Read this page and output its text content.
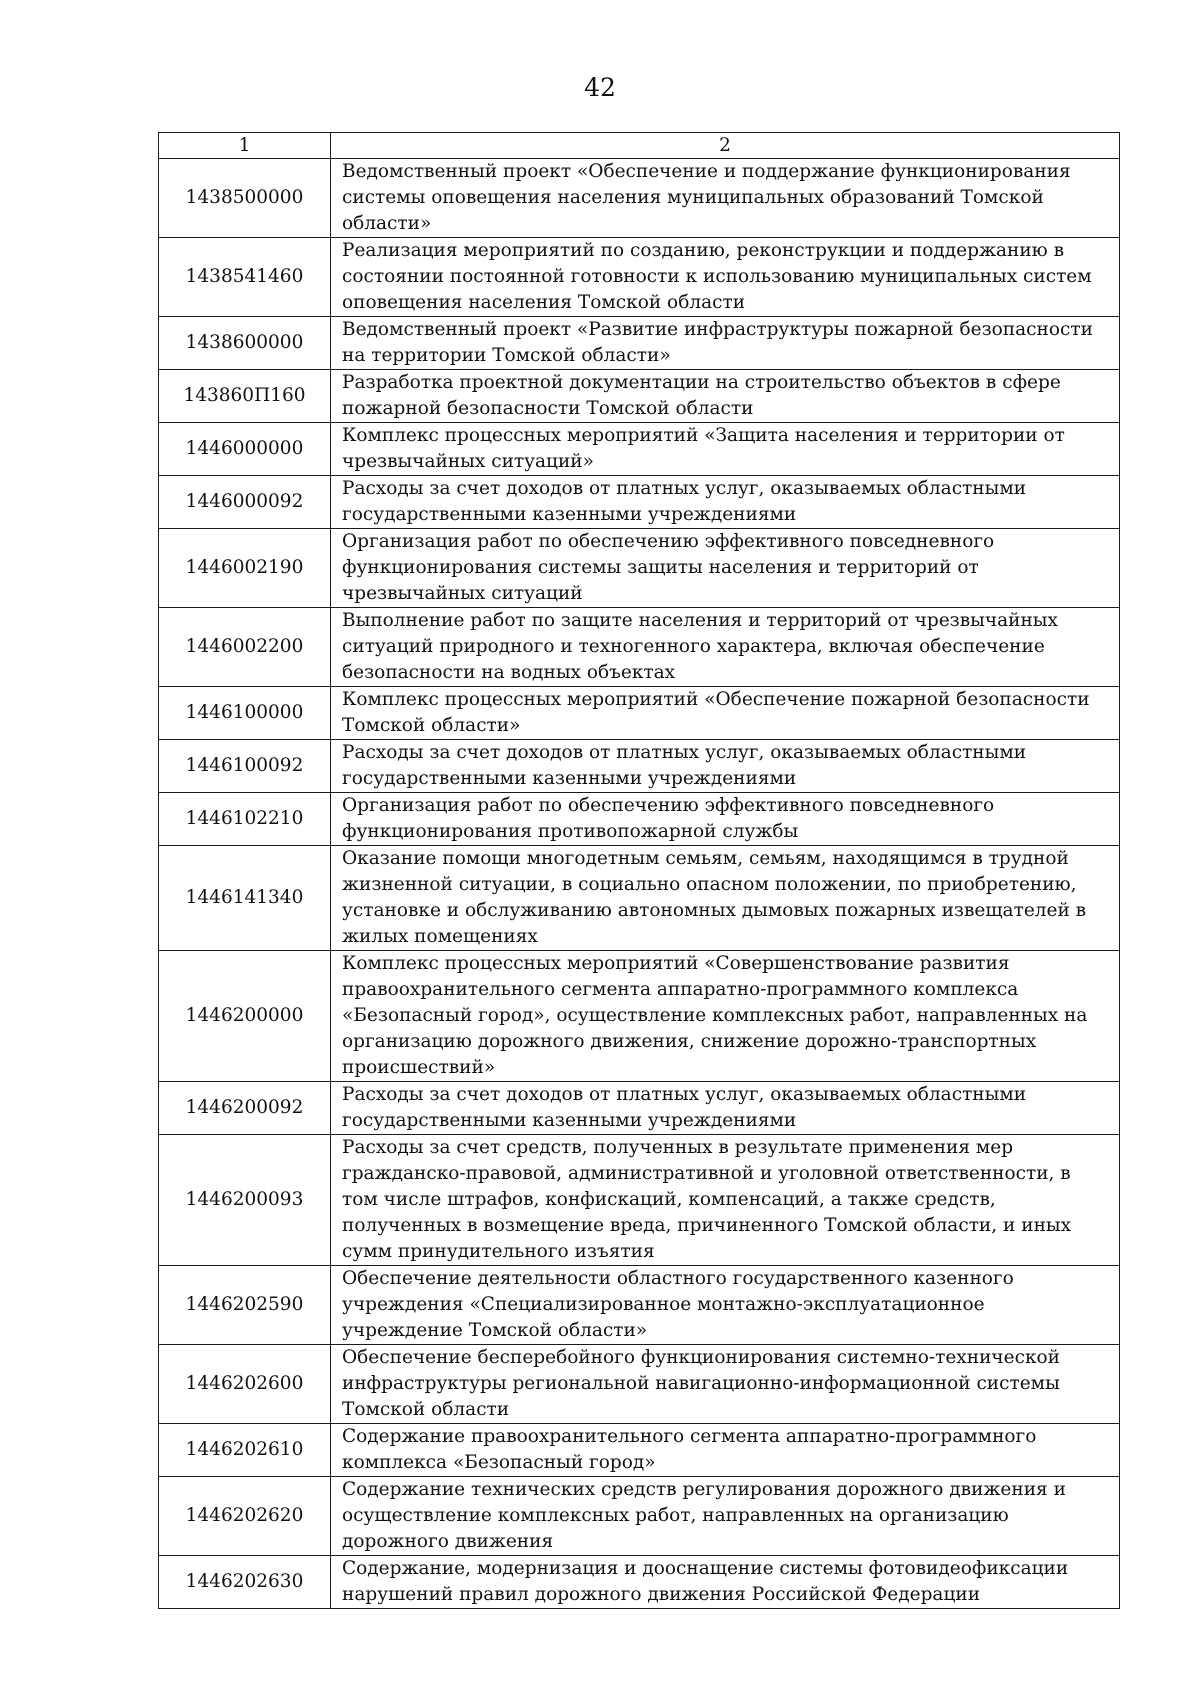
42
1	2
1438500000	Ведомственный проект «Обеспечение и поддержание функционирования системы оповещения населения муниципальных образований Томской области»
1438541460	Реализация мероприятий по созданию, реконструкции и поддержанию в состоянии постоянной готовности к использованию муниципальных систем оповещения населения Томской области
1438600000	Ведомственный проект «Развитие инфраструктуры пожарной безопасности на территории Томской области»
143860П160	Разработка проектной документации на строительство объектов в сфере пожарной безопасности Томской области
1446000000	Комплекс процессных мероприятий «Защита населения и территории от чрезвычайных ситуаций»
1446000092	Расходы за счет доходов от платных услуг, оказываемых областными государственными казенными учреждениями
1446002190	Организация работ по обеспечению эффективного повседневного функционирования системы защиты населения и территорий от чрезвычайных ситуаций
1446002200	Выполнение работ по защите населения и территорий от чрезвычайных ситуаций природного и техногенного характера, включая обеспечение безопасности на водных объектах
1446100000	Комплекс процессных мероприятий «Обеспечение пожарной безопасности Томской области»
1446100092	Расходы за счет доходов от платных услуг, оказываемых областными государственными казенными учреждениями
1446102210	Организация работ по обеспечению эффективного повседневного функционирования противопожарной службы
1446141340	Оказание помощи многодетным семьям, семьям, находящимся в трудной жизненной ситуации, в социально опасном положении, по приобретению, установке и обслуживанию автономных дымовых пожарных извещателей в жилых помещениях
1446200000	Комплекс процессных мероприятий «Совершенствование развития правоохранительного сегмента аппаратно-программного комплекса «Безопасный город», осуществление комплексных работ, направленных на организацию дорожного движения, снижение дорожно-транспортных происшествий»
1446200092	Расходы за счет доходов от платных услуг, оказываемых областными государственными казенными учреждениями
1446200093	Расходы за счет средств, полученных в результате применения мер гражданско-правовой, административной и уголовной ответственности, в том числе штрафов, конфискаций, компенсаций, а также средств, полученных в возмещение вреда, причиненного Томской области, и иных сумм принудительного изъятия
1446202590	Обеспечение деятельности областного государственного казенного учреждения «Специализированное монтажно-эксплуатационное учреждение Томской области»
1446202600	Обеспечение бесперебойного функционирования системно-технической инфраструктуры региональной навигационно-информационной системы Томской области
1446202610	Содержание правоохранительного сегмента аппаратно-программного комплекса «Безопасный город»
1446202620	Содержание технических средств регулирования дорожного движения и осуществление комплексных работ, направленных на организацию дорожного движения
1446202630	Содержание, модернизация и дооснащение системы фотовидеофиксации нарушений правил дорожного движения Российской Федерации
